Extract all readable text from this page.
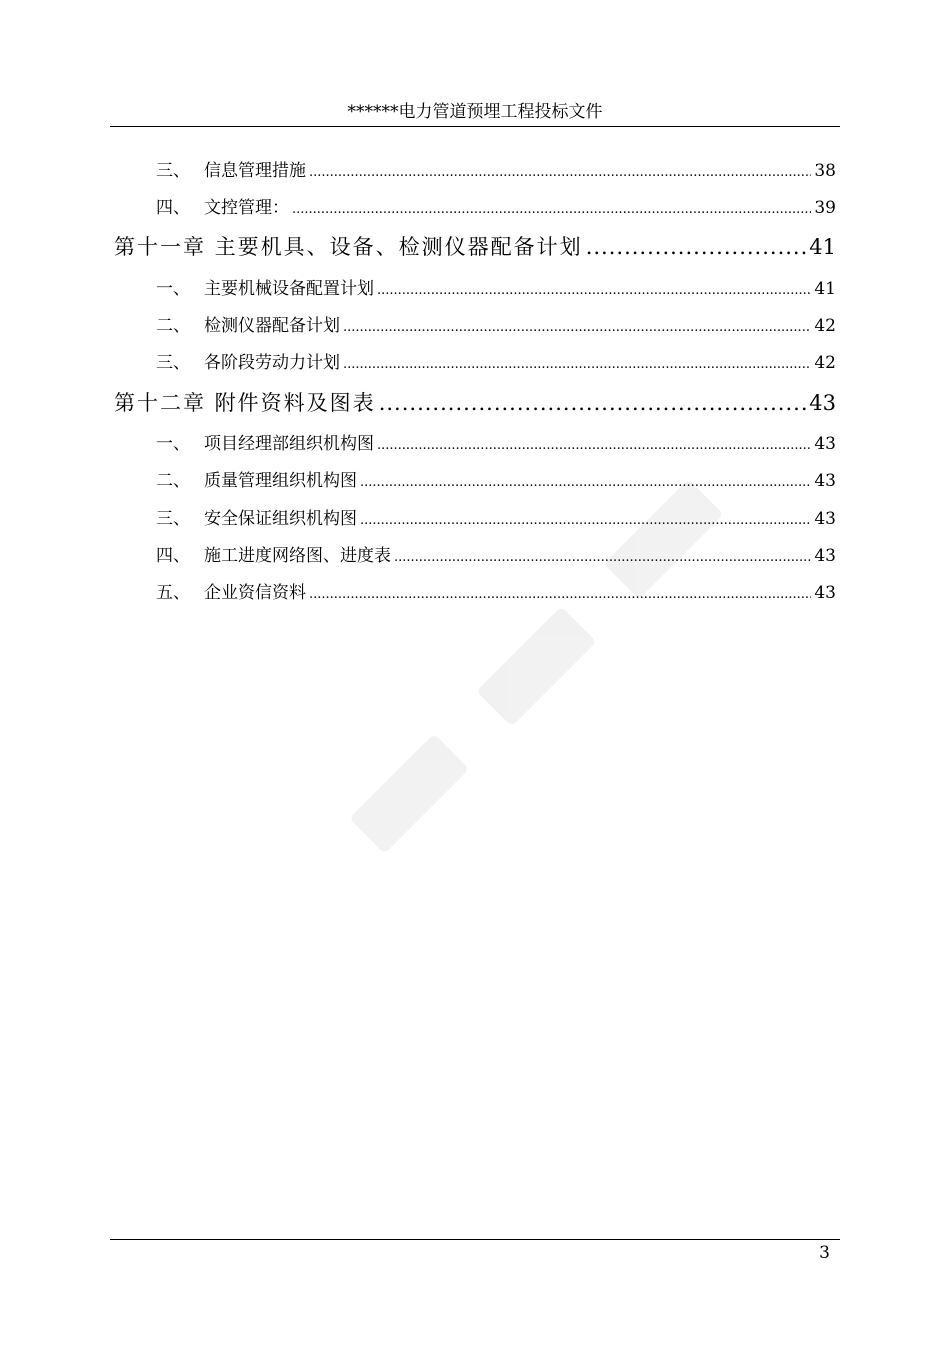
******电力管道预埋工程投标文件
三、 信息管理措施 .....	38
四、 文控管理： .....	39
第十一章 主要机具、设备、检测仪器配备计划 .....	41
一、 主要机械设备配置计划 .....	41
二、 检测仪器配备计划 .....	42
三、 各阶段劳动力计划 .....	42
第十二章 附件资料及图表 .....	43
一、 项目经理部组织机构图 .....	43
二、 质量管理组织机构图 .....	43
三、 安全保证组织机构图 .....	43
四、 施工进度网络图、进度表 .....	43
五、 企业资信资料 .....	43
3
